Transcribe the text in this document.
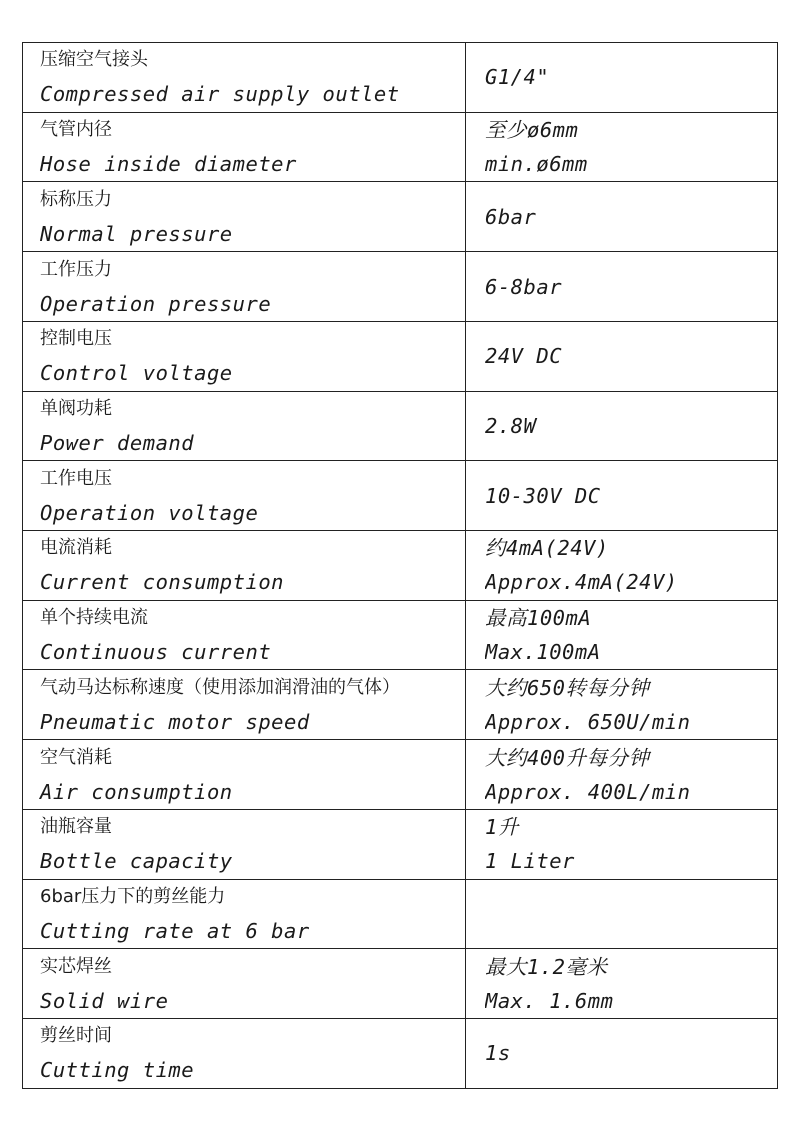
压缩空气接头
Compressed air supply outlet	G1/4"

气管内径
Hose inside diameter	至少ø6mm
min.ø6mm

标称压力
Normal pressure	6bar

工作压力
Operation pressure	6-8bar

控制电压
Control voltage	24V DC

单阀功耗
Power demand	2.8W

工作电压
Operation voltage	10-30V DC

电流消耗
Current consumption	约4mA(24V)
Approx.4mA(24V)

单个持续电流
Continuous current	最高100mA
Max.100mA

气动马达标称速度（使用添加润滑油的气体）
Pneumatic motor speed	大约650转每分钟
Approx. 650U/min

空气消耗
Air consumption	大约400升每分钟
Approx. 400L/min

油瓶容量
Bottle capacity	1升
1 Liter

6bar压力下的剪丝能力
Cutting rate at 6 bar	

实芯焊丝
Solid wire	最大1.2毫米
Max. 1.6mm

剪丝时间
Cutting time	1s
